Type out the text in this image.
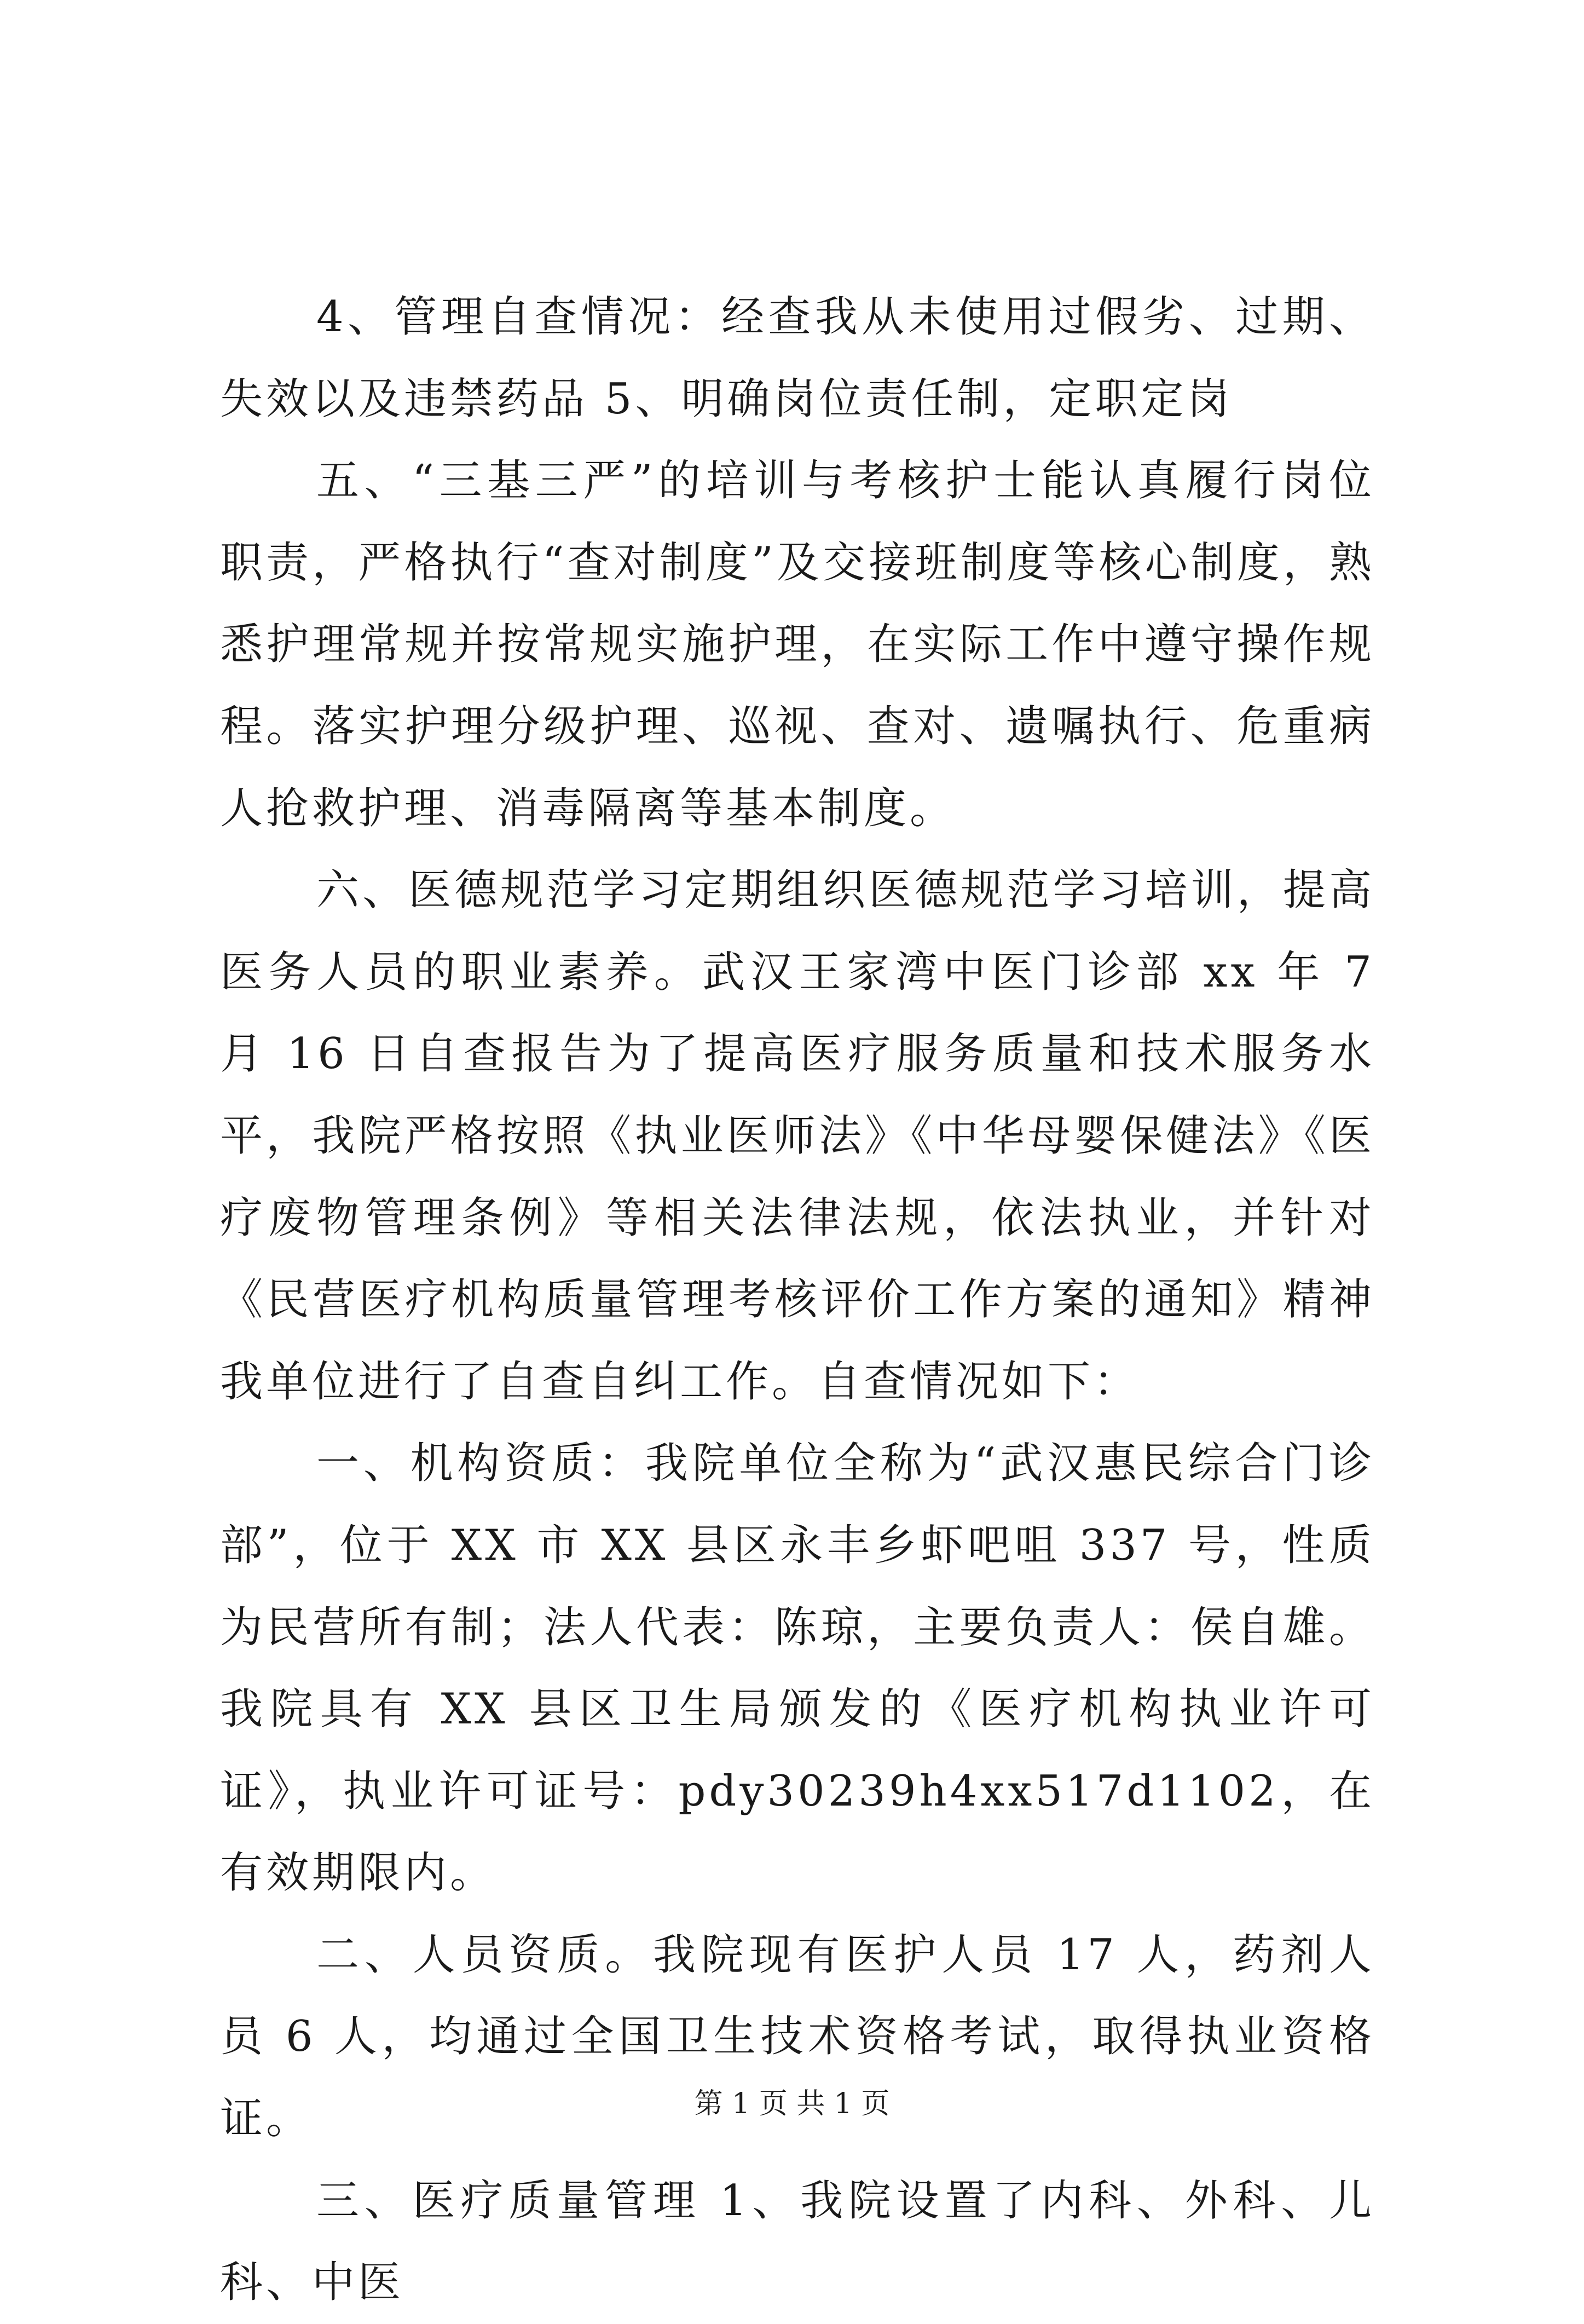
4、管理自查情况：经查我从未使用过假劣、过期、失效以及违禁药品 5、明确岗位责任制，定职定岗

五、“三基三严”的培训与考核护士能认真履行岗位职责，严格执行“查对制度”及交接班制度等核心制度，熟悉护理常规并按常规实施护理，在实际工作中遵守操作规程。落实护理分级护理、巡视、查对、遗嘱执行、危重病人抢救护理、消毒隔离等基本制度。

六、医德规范学习定期组织医德规范学习培训，提高医务人员的职业素养。武汉王家湾中医门诊部 xx 年 7 月 16 日自查报告为了提高医疗服务质量和技术服务水平，我院严格按照《执业医师法》《中华母婴保健法》《医疗废物管理条例》等相关法律法规，依法执业，并针对《民营医疗机构质量管理考核评价工作方案的通知》精神我单位进行了自查自纠工作。自查情况如下：

一、机构资质：我院单位全称为“武汉惠民综合门诊部”，位于 XX 市 XX 县区永丰乡虾吧咀 337 号，性质为民营所有制；法人代表：陈琼，主要负责人：侯自雄。我院具有 XX 县区卫生局颁发的《医疗机构执业许可证》，执业许可证号：pdy30239h4xx517d1102，在有效期限内。

二、人员资质。我院现有医护人员 17 人，药剂人员 6 人，均通过全国卫生技术资格考试，取得执业资格证。

三、医疗质量管理 1、我院设置了内科、外科、儿科、中医

第 1 页 共 1 页
